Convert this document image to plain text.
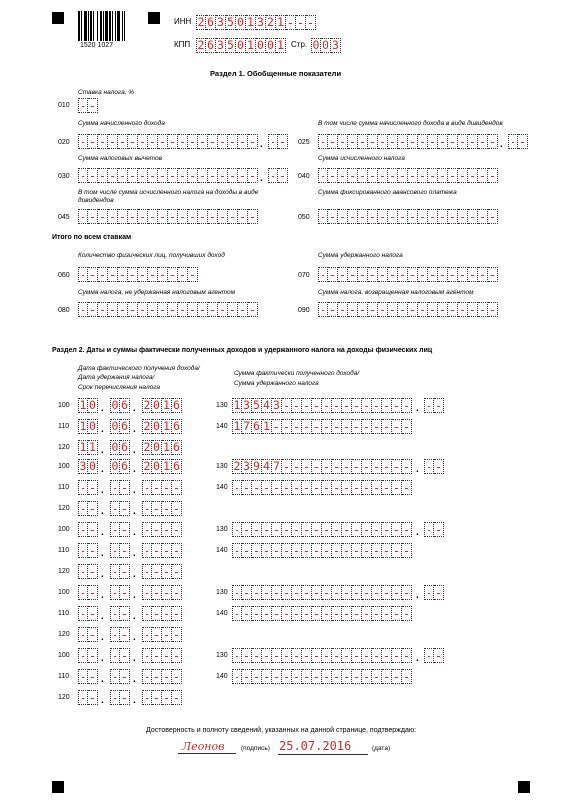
1520 1027
ИНН 2 6 3 5 0 1 3 2 1
КПП 2 6 3 5 0 1 0 0 1 Стр. 0 0 3
Раздел 1. Обобщенные показатели
Ставка налога, %
010
Сумма начисленного дохода
020	.
В том числе сумма начисленного дохода в виде дивидендов
025	.
Сумма налоговых вычетов
030	.
Сумма исчисленного налога
040
В том числе сумма исчисленного налога на доходы в виде дивидендов
045
Сумма фиксированного авансового платежа
050
Итого по всем ставкам
Количество физических лиц, получивших доход
060
Сумма удержанного налога
070
Сумма налога, не удержанная налоговым агентом
080
Сумма налога, возвращенная налоговым агентом
090
Раздел 2. Даты и суммы фактически полученных доходов и удержанного налога на доходы физических лиц
Дата фактического получения дохода/
Дата удержания налога/
Срок перечисления налога
Сумма фактически полученного дохода/
Сумма удержанного налога
100 1 0 . 0 6 . 2 0 1 6
110 1 0 . 0 6 . 2 0 1 6
120 1 1 . 0 6 . 2 0 1 6
130 1 3 5 4 3	.
140 1 7 6 1
100 3 0 . 0 6 . 2 0 1 6
110	.	.
120	.	.
130 2 3 9 4 7	.
140
100	.	.
110	.	.
120	.	.
130	.
140
100	.	.
110	.	.
120	.	.
130	.
140
100	.	.
110	.	.
120	.	.
130	.
140
Достоверность и полноту сведений, указанных на данной странице, подтверждаю:
Леонов	(подпись) 25.07.2016	(дата)
